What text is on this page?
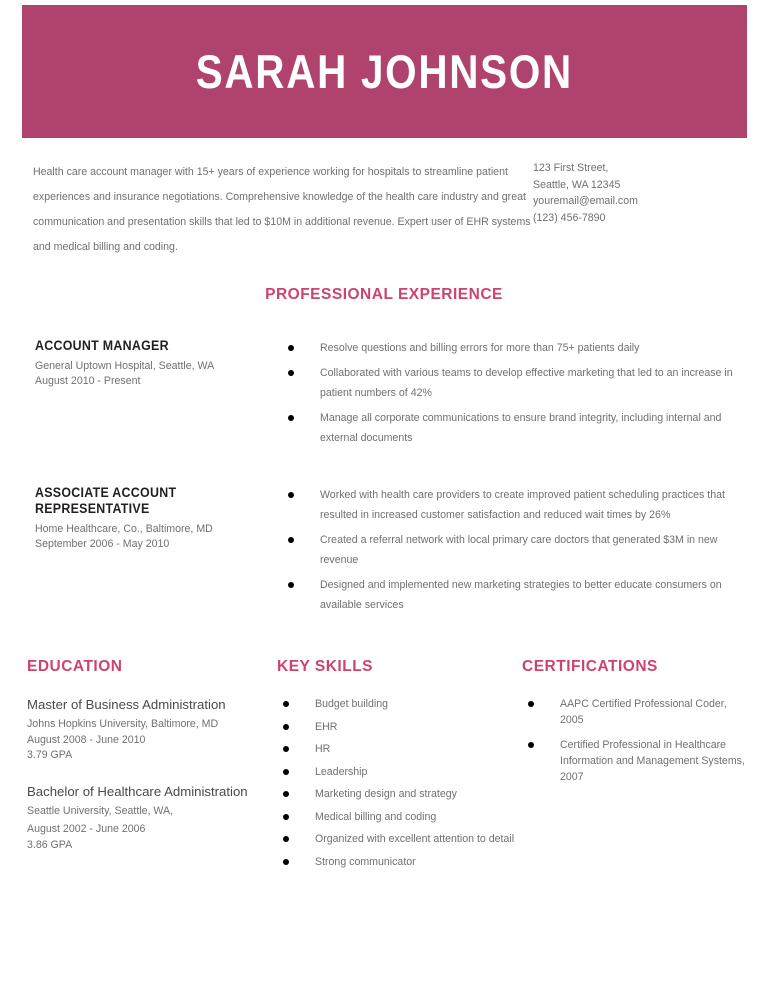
SARAH JOHNSON
Health care account manager with 15+ years of experience working for hospitals to streamline patient experiences and insurance negotiations. Comprehensive knowledge of the health care industry and great communication and presentation skills that led to $10M in additional revenue. Expert user of EHR systems and medical billing and coding.
123 First Street,
Seattle, WA 12345
youremail@email.com
(123) 456-7890
PROFESSIONAL EXPERIENCE
ACCOUNT MANAGER
General Uptown Hospital, Seattle, WA
August 2010 - Present
Resolve questions and billing errors for more than 75+ patients daily
Collaborated with various teams to develop effective marketing that led to an increase in patient numbers of 42%
Manage all corporate communications to ensure brand integrity, including internal and external documents
ASSOCIATE ACCOUNT REPRESENTATIVE
Home Healthcare, Co., Baltimore, MD
September 2006 - May 2010
Worked with health care providers to create improved patient scheduling practices that resulted in increased customer satisfaction and reduced wait times by 26%
Created a referral network with local primary care doctors that generated $3M in new revenue
Designed and implemented new marketing strategies to better educate consumers on available services
EDUCATION
Master of Business Administration
Johns Hopkins University, Baltimore, MD
August 2008 - June 2010
3.79 GPA
Bachelor of Healthcare Administration
Seattle University, Seattle, WA,
August 2002 - June 2006
3.86 GPA
KEY SKILLS
Budget building
EHR
HR
Leadership
Marketing design and strategy
Medical billing and coding
Organized with excellent attention to detail
Strong communicator
CERTIFICATIONS
AAPC Certified Professional Coder, 2005
Certified Professional in Healthcare Information and Management Systems, 2007
